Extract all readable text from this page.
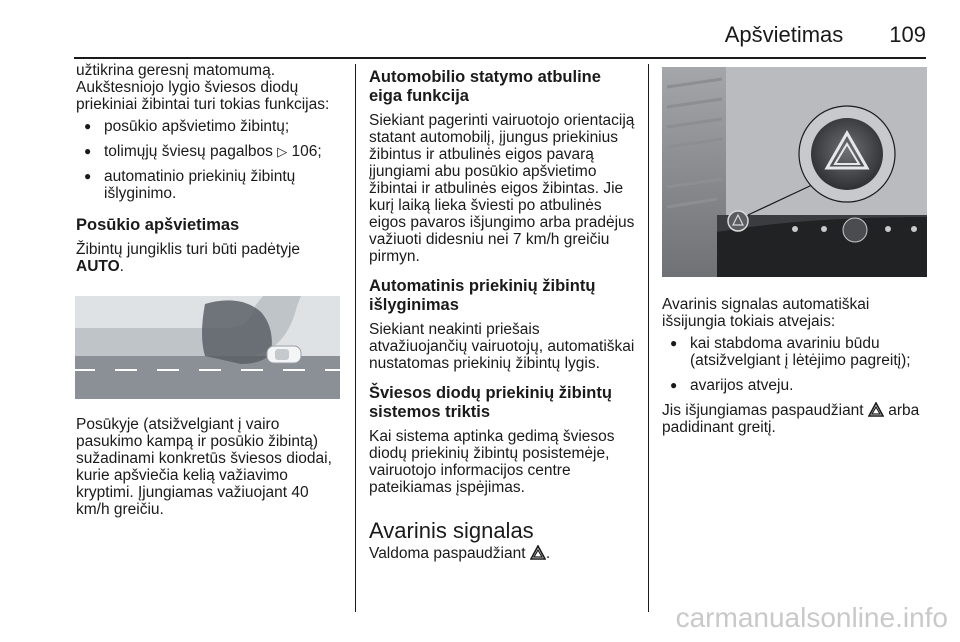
Apšvietimas 109

užtikrina geresnį matomumą. Aukštesniojo lygio šviesos diodų priekiniai žibintai turi tokias funkcijas:

● posūkio apšvietimo žibintų;
● tolimųjų šviesų pagalbos ▷ 106;
● automatinio priekinių žibintų išlyginimo.
Posūkio apšvietimas

Žibintų jungiklis turi būti padėtyje AUTO.

Posūkyje (atsižvelgiant į vairo pasukimo kampą ir posūkio žibintą) sužadinami konkretūs šviesos diodai, kurie apšviečia kelią važiavimo kryptimi. Įjungiamas važiuojant 40 km/h greičiu.

Automobilio statymo atbuline eiga funkcija

Siekiant pagerinti vairuotojo orientaciją statant automobilį, įjungus priekinius žibintus ir atbulinės eigos pavarą įjungiami abu posūkio apšvietimo žibintai ir atbulinės eigos žibintas. Jie kurį laiką lieka šviesti po atbulinės eigos pavaros išjungimo arba pradėjus važiuoti didesniu nei 7 km/h greičiu pirmyn.

Automatinis priekinių žibintų išlyginimas

Siekiant neakinti priešais atvažiuojančių vairuotojų, automatiškai nustatomas priekinių žibintų lygis.

Šviesos diodų priekinių žibintų sistemos triktis

Kai sistema aptinka gedimą šviesos diodų priekinių žibintų posistemėje, vairuotojo informacijos centre pateikiamas įspėjimas.

Avarinis signalas

Valdoma paspaudžiant .

Avarinis signalas automatiškai išsijungia tokiais atvejais:

● kai stabdoma avariniu būdu (atsižvelgiant į lėtėjimo pagreitį);
● avarijos atveju.

Jis išjungiamas paspaudžiant arba padidinant greitį.

carmanualsonline.info
